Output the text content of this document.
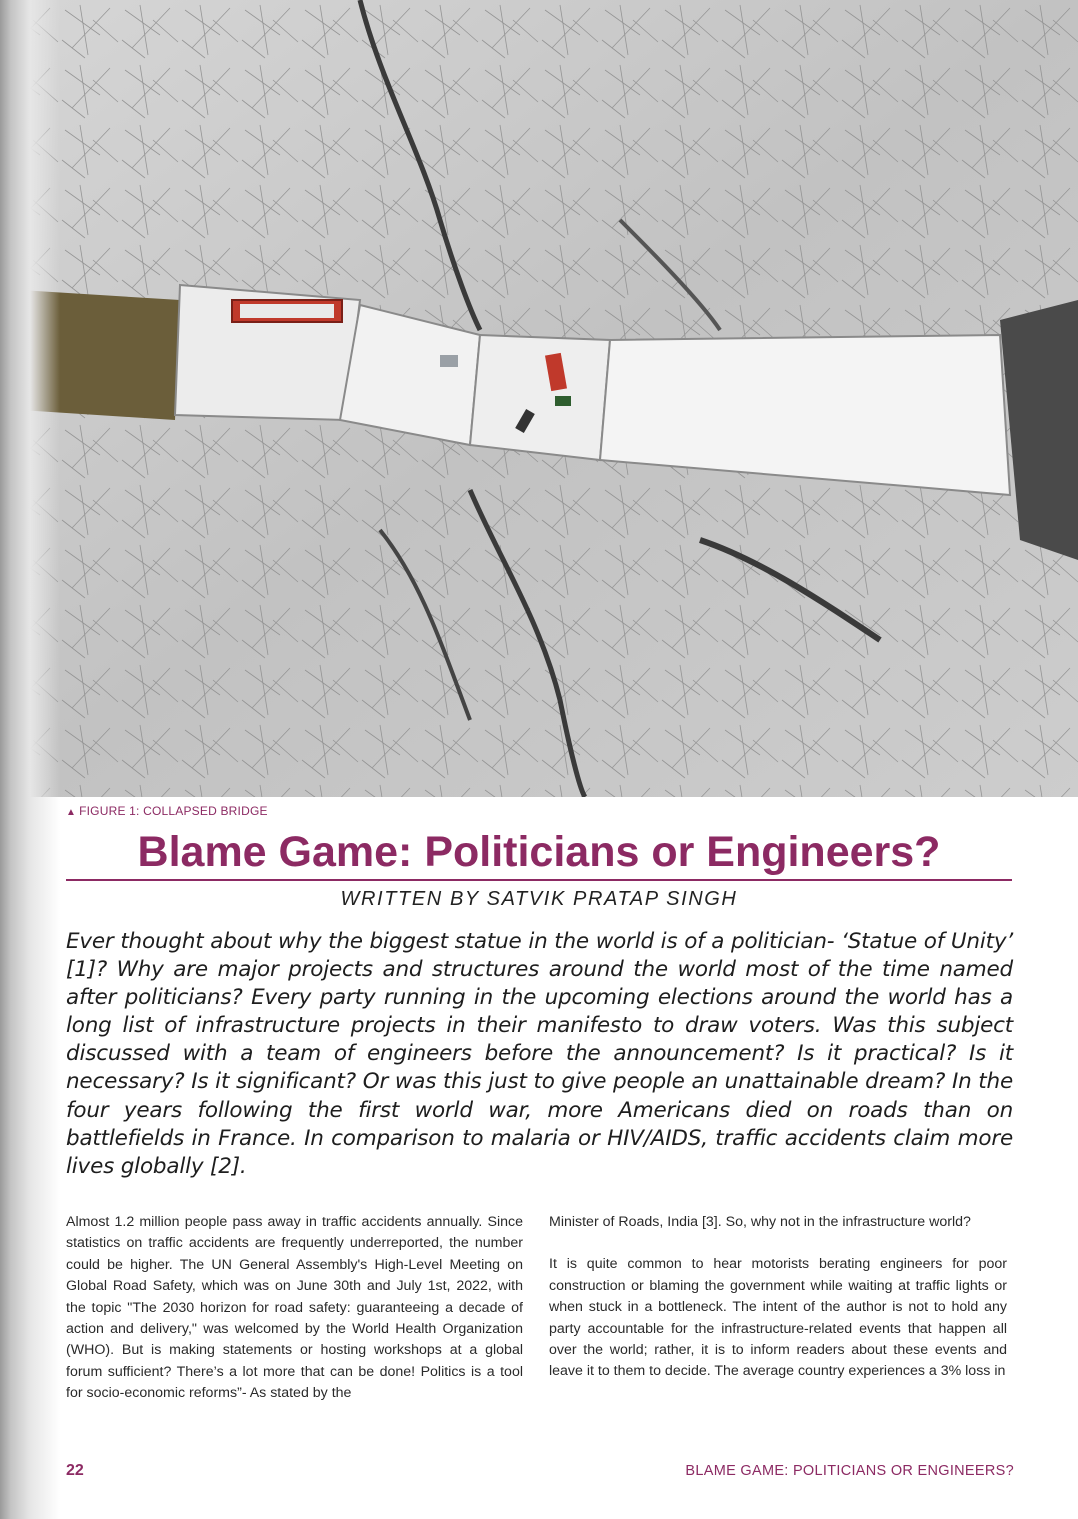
▲ FIGURE 1: COLLAPSED BRIDGE
Blame Game: Politicians or Engineers?
WRITTEN BY SATVIK PRATAP SINGH

Ever thought about why the biggest statue in the world is of a politician- ‘Statue of Unity’ [1]? Why are major projects and structures around the world most of the time named after politicians? Every party running in the upcoming elections around the world has a long list of infrastructure projects in their manifesto to draw voters. Was this subject discussed with a team of engineers before the announcement? Is it practical? Is it necessary? Is it significant? Or was this just to give people an unattainable dream? In the four years following the first world war, more Americans died on roads than on battlefields in France. In comparison to malaria or HIV/AIDS, traffic accidents claim more lives globally [2].

Almost 1.2 million people pass away in traffic accidents annually. Since statistics on traffic accidents are frequently underreported, the number could be higher. The UN General Assembly's High-Level Meeting on Global Road Safety, which was on June 30th and July 1st, 2022, with the topic "The 2030 horizon for road safety: guaranteeing a decade of action and delivery," was welcomed by the World Health Organization (WHO). But is making statements or hosting workshops at a global forum sufficient? There’s a lot more that can be done! Politics is a tool for socio-economic reforms”- As stated by the

Minister of Roads, India [3]. So, why not in the infrastructure world?

It is quite common to hear motorists berating engineers for poor construction or blaming the government while waiting at traffic lights or when stuck in a bottleneck. The intent of the author is not to hold any party accountable for the infrastructure-related events that happen all over the world; rather, it is to inform readers about these events and leave it to them to decide. The average country experiences a 3% loss in

22	BLAME GAME: POLITICIANS OR ENGINEERS?
